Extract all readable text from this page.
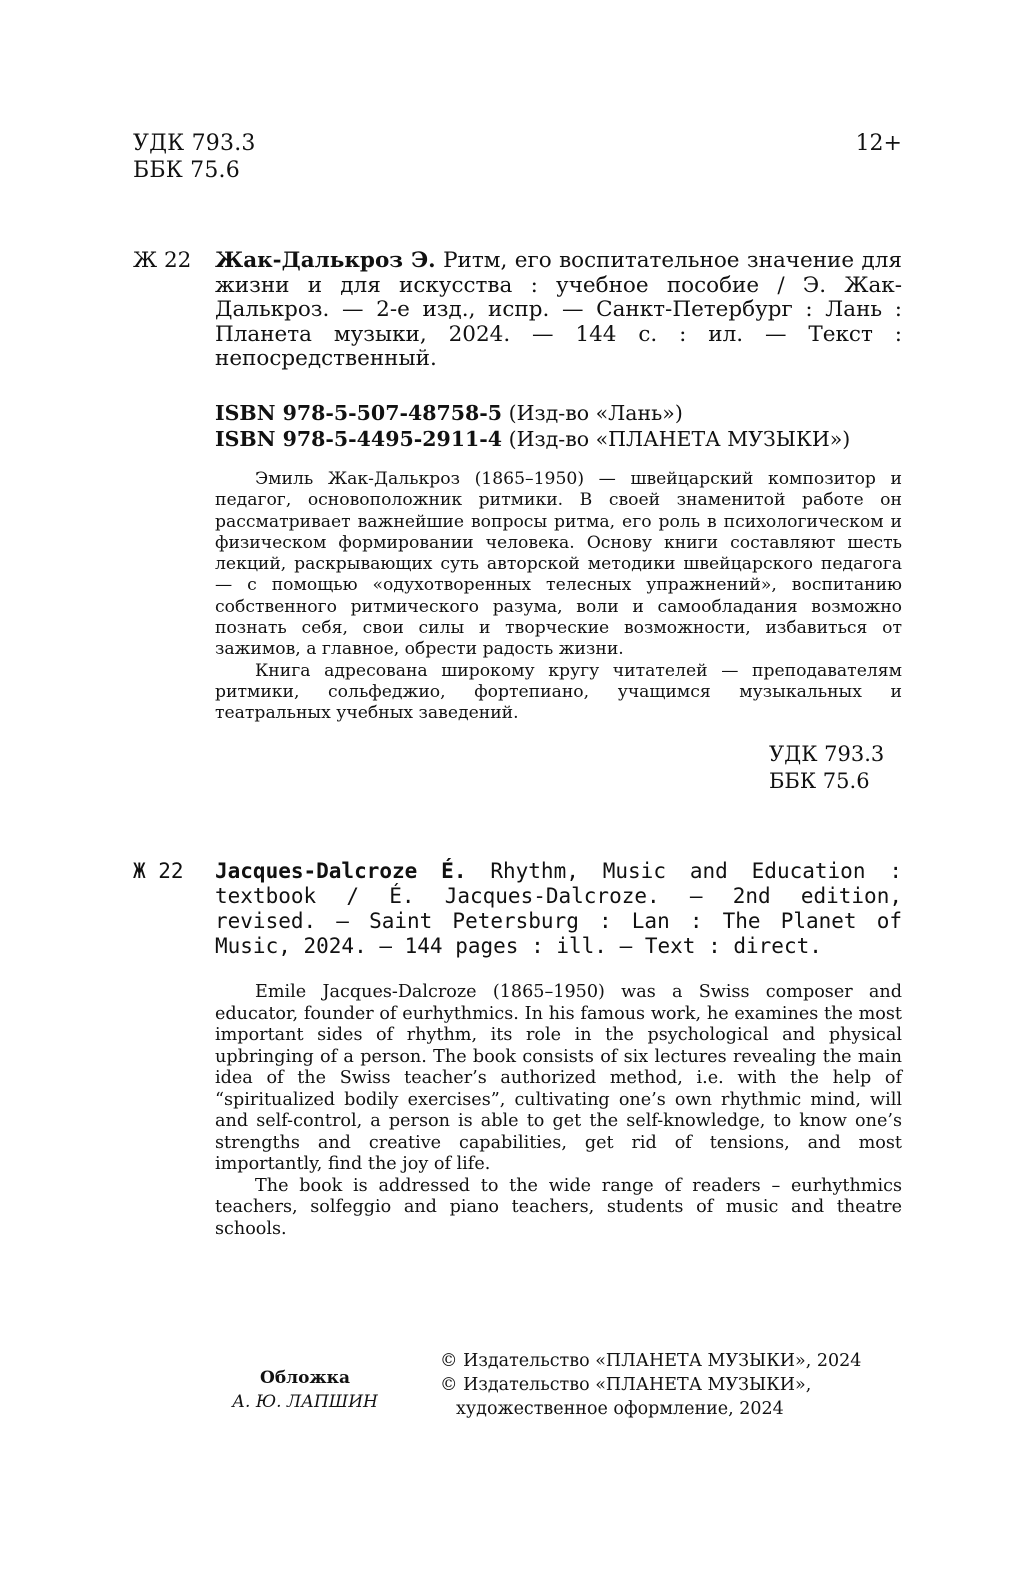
УДК 793.3
ББК 75.6
12+
Ж 22 Жак-Далькроз Э. Ритм, его воспитательное значение для жизни и для искусства : учебное пособие / Э. Жак-Далькроз. — 2-е изд., испр. — Санкт-Петербург : Лань : Планета музыки, 2024. — 144 с. : ил. — Текст : непосредственный.
ISBN 978-5-507-48758-5 (Изд-во «Лань»)
ISBN 978-5-4495-2911-4 (Изд-во «ПЛАНЕТА МУЗЫКИ»)

Эмиль Жак-Далькроз (1865–1950) — швейцарский композитор и педагог, основоположник ритмики. В своей знаменитой работе он рассматривает важнейшие вопросы ритма, его роль в психологическом и физическом формировании человека. Основу книги составляют шесть лекций, раскрывающих суть авторской методики швейцарского педагога — с помощью «одухотворенных телесных упражнений», воспитанию собственного ритмического разума, воли и самообладания возможно познать себя, свои силы и творческие возможности, избавиться от зажимов, а главное, обрести радость жизни.

Книга адресована широкому кругу читателей — преподавателям ритмики, сольфеджио, фортепиано, учащимся музыкальных и театральных учебных заведений.

УДК 793.3
ББК 75.6
Ж 22 Jacques-Dalcroze É. Rhythm, Music and Education : textbook / É. Jacques-Dalcroze. — 2nd edition, revised. — Saint Petersburg : Lan : The Planet of Music, 2024. — 144 pages : ill. — Text : direct.

Emile Jacques-Dalcroze (1865–1950) was a Swiss composer and educator, founder of eurhythmics. In his famous work, he examines the most important sides of rhythm, its role in the psychological and physical upbringing of a person. The book consists of six lectures revealing the main idea of the Swiss teacher’s authorized method, i.e. with the help of “spiritualized bodily exercises”, cultivating one’s own rhythmic mind, will and self-control, a person is able to get the self-knowledge, to know one’s strengths and creative capabilities, get rid of tensions, and most importantly, find the joy of life.

The book is addressed to the wide range of readers – eurhythmics teachers, solfeggio and piano teachers, students of music and theatre schools.

Обложка
А. Ю. ЛАПШИН
© Издательство «ПЛАНЕТА МУЗЫКИ», 2024
© Издательство «ПЛАНЕТА МУЗЫКИ»,
художественное оформление, 2024
